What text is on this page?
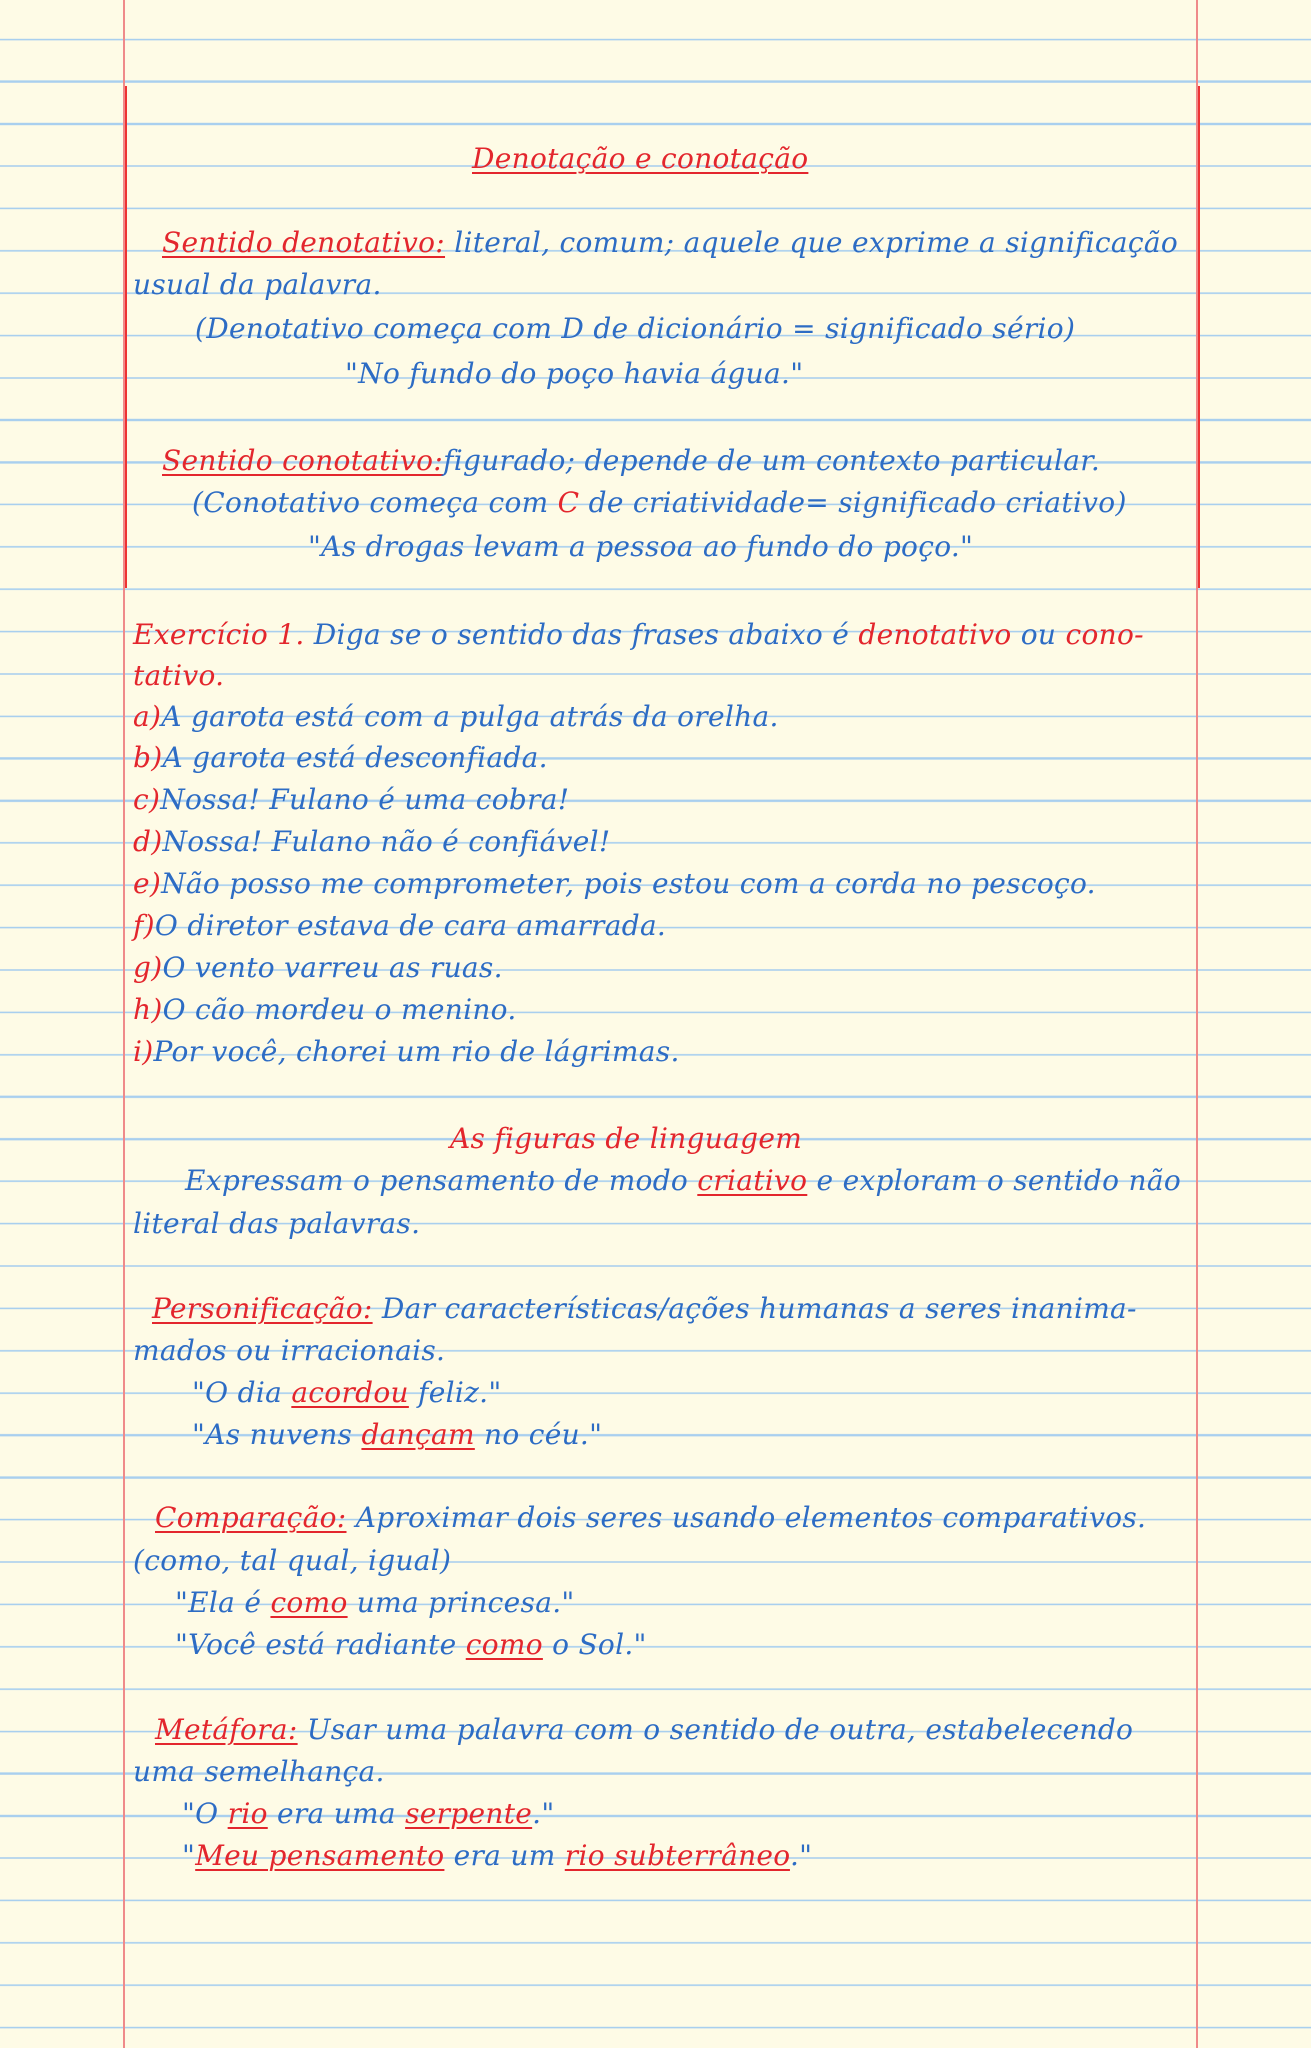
Denotação e conotação
Sentido denotativo: literal, comum; aquele que exprime a significação
usual da palavra.
(Denotativo começa com D de dicionário = significado sério)
"No fundo do poço havia água."
Sentido conotativo:figurado; depende de um contexto particular.
(Conotativo começa com C de criatividade= significado criativo)
"As drogas levam a pessoa ao fundo do poço."
Exercício 1. Diga se o sentido das frases abaixo é denotativo ou cono-
tativo.
a)A garota está com a pulga atrás da orelha.
b)A garota está desconfiada.
c)Nossa! Fulano é uma cobra!
d)Nossa! Fulano não é confiável!
e)Não posso me comprometer, pois estou com a corda no pescoço.
f)O diretor estava de cara amarrada.
g)O vento varreu as ruas.
h)O cão mordeu o menino.
i)Por você, chorei um rio de lágrimas.
As figuras de linguagem
Expressam o pensamento de modo criativo e exploram o sentido não
literal das palavras.
Personificação: Dar características/ações humanas a seres inanima-
mados ou irracionais.
"O dia acordou feliz."
"As nuvens dançam no céu."
Comparação: Aproximar dois seres usando elementos comparativos.
(como, tal qual, igual)
"Ela é como uma princesa."
"Você está radiante como o Sol."
Metáfora: Usar uma palavra com o sentido de outra, estabelecendo
uma semelhança.
"O rio era uma serpente."
"Meu pensamento era um rio subterrâneo."
